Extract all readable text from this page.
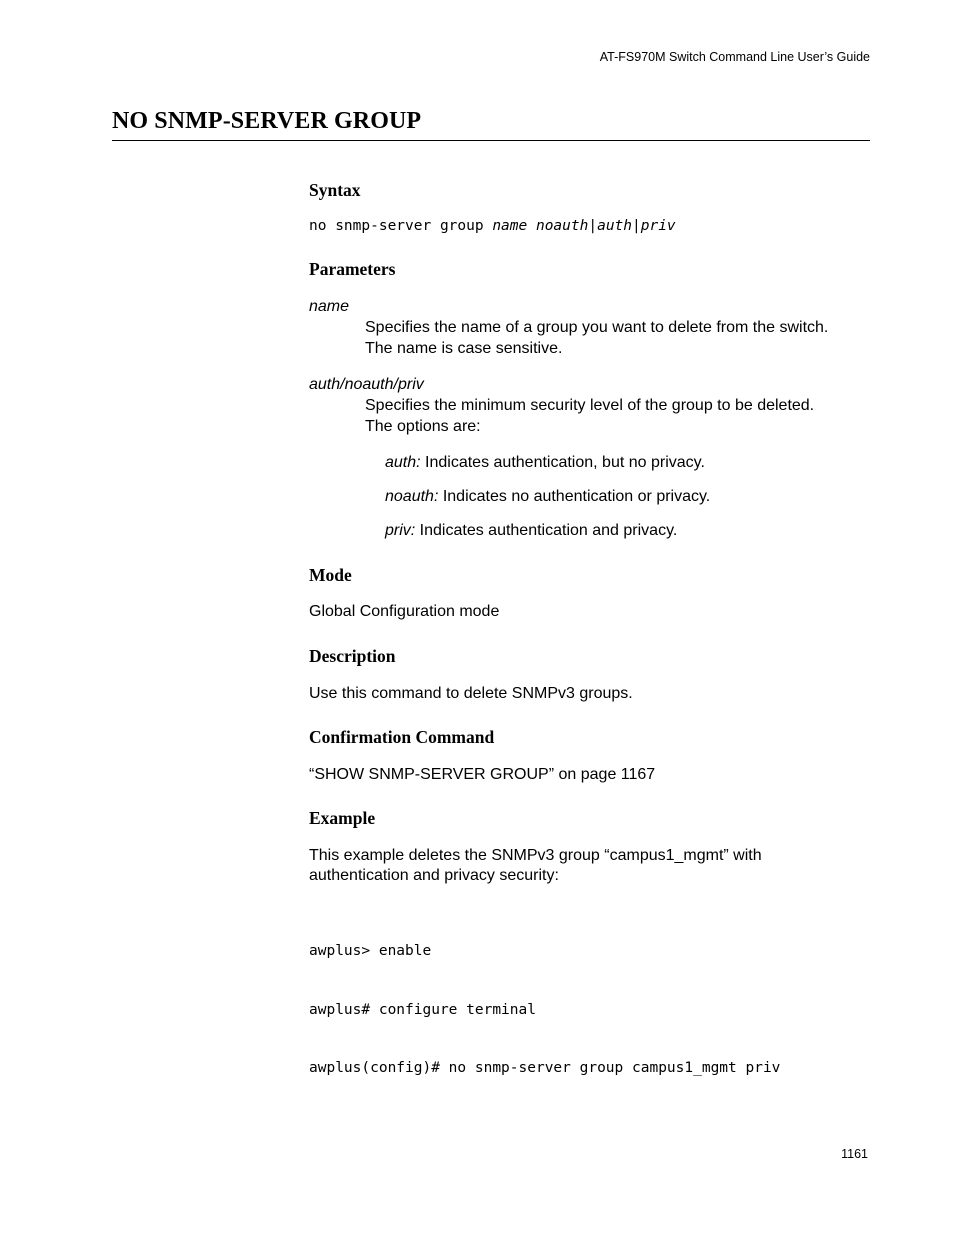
AT-FS970M Switch Command Line User’s Guide
NO SNMP-SERVER GROUP
Syntax
no snmp-server group name noauth|auth|priv
Parameters
name
Specifies the name of a group you want to delete from the switch.
The name is case sensitive.
auth/noauth/priv
Specifies the minimum security level of the group to be deleted.
The options are:
auth: Indicates authentication, but no privacy.
noauth: Indicates no authentication or privacy.
priv: Indicates authentication and privacy.
Mode
Global Configuration mode
Description
Use this command to delete SNMPv3 groups.
Confirmation Command
“SHOW SNMP-SERVER GROUP” on page 1167
Example
This example deletes the SNMPv3 group “campus1_mgmt” with
authentication and privacy security:

awplus> enable

awplus# configure terminal

awplus(config)# no snmp-server group campus1_mgmt priv

1161
